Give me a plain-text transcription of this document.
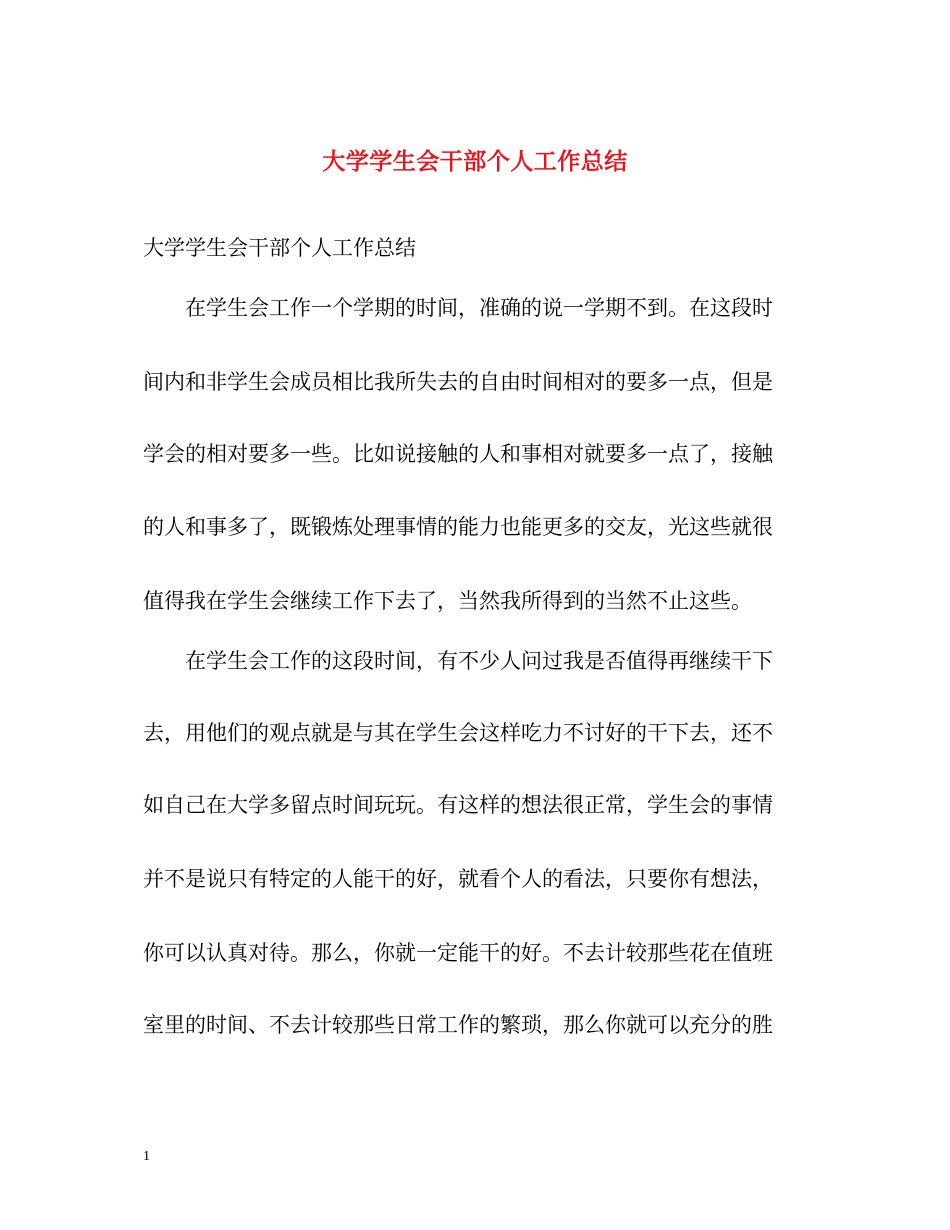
大学学生会干部个人工作总结
大学学生会干部个人工作总结
在学生会工作一个学期的时间，准确的说一学期不到。在这段时
间内和非学生会成员相比我所失去的自由时间相对的要多一点，但是
学会的相对要多一些。比如说接触的人和事相对就要多一点了，接触
的人和事多了，既锻炼处理事情的能力也能更多的交友，光这些就很
值得我在学生会继续工作下去了，当然我所得到的当然不止这些。
在学生会工作的这段时间，有不少人问过我是否值得再继续干下
去，用他们的观点就是与其在学生会这样吃力不讨好的干下去，还不
如自己在大学多留点时间玩玩。有这样的想法很正常，学生会的事情
并不是说只有特定的人能干的好，就看个人的看法，只要你有想法，
你可以认真对待。那么，你就一定能干的好。不去计较那些花在值班
室里的时间、不去计较那些日常工作的繁琐，那么你就可以充分的胜
1
